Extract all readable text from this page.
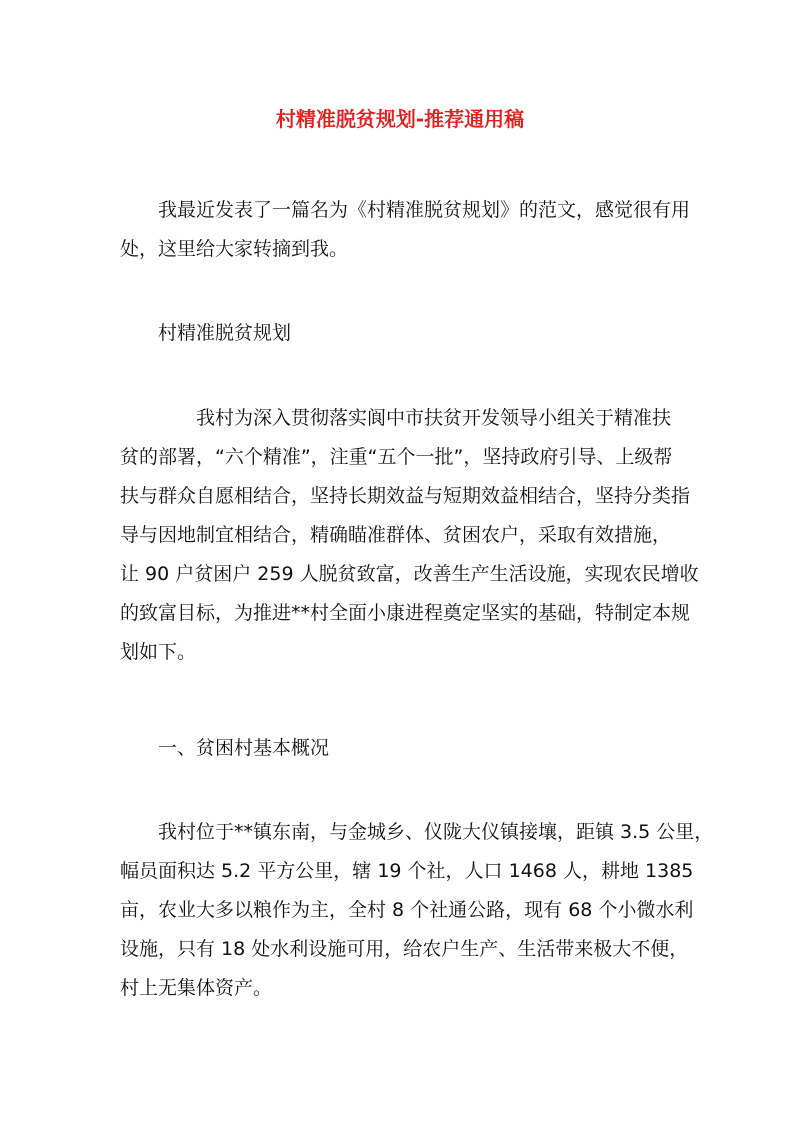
村精准脱贫规划-推荐通用稿
我最近发表了一篇名为《村精准脱贫规划》的范文，感觉很有用
处，这里给大家转摘到我。
村精准脱贫规划
我村为深入贯彻落实阆中市扶贫开发领导小组关于精准扶
贫的部署，“六个精准”，注重“五个一批”，坚持政府引导、上级帮
扶与群众自愿相结合，坚持长期效益与短期效益相结合，坚持分类指
导与因地制宜相结合，精确瞄准群体、贫困农户，采取有效措施，
让 90 户贫困户 259 人脱贫致富，改善生产生活设施，实现农民增收
的致富目标，为推进**村全面小康进程奠定坚实的基础，特制定本规
划如下。
一、贫困村基本概况
我村位于**镇东南，与金城乡、仪陇大仪镇接壤，距镇 3.5 公里，
幅员面积达 5.2 平方公里，辖 19 个社，人口 1468 人，耕地 1385
亩，农业大多以粮作为主，全村 8 个社通公路，现有 68 个小微水利
设施，只有 18 处水利设施可用，给农户生产、生活带来极大不便，
村上无集体资产。
